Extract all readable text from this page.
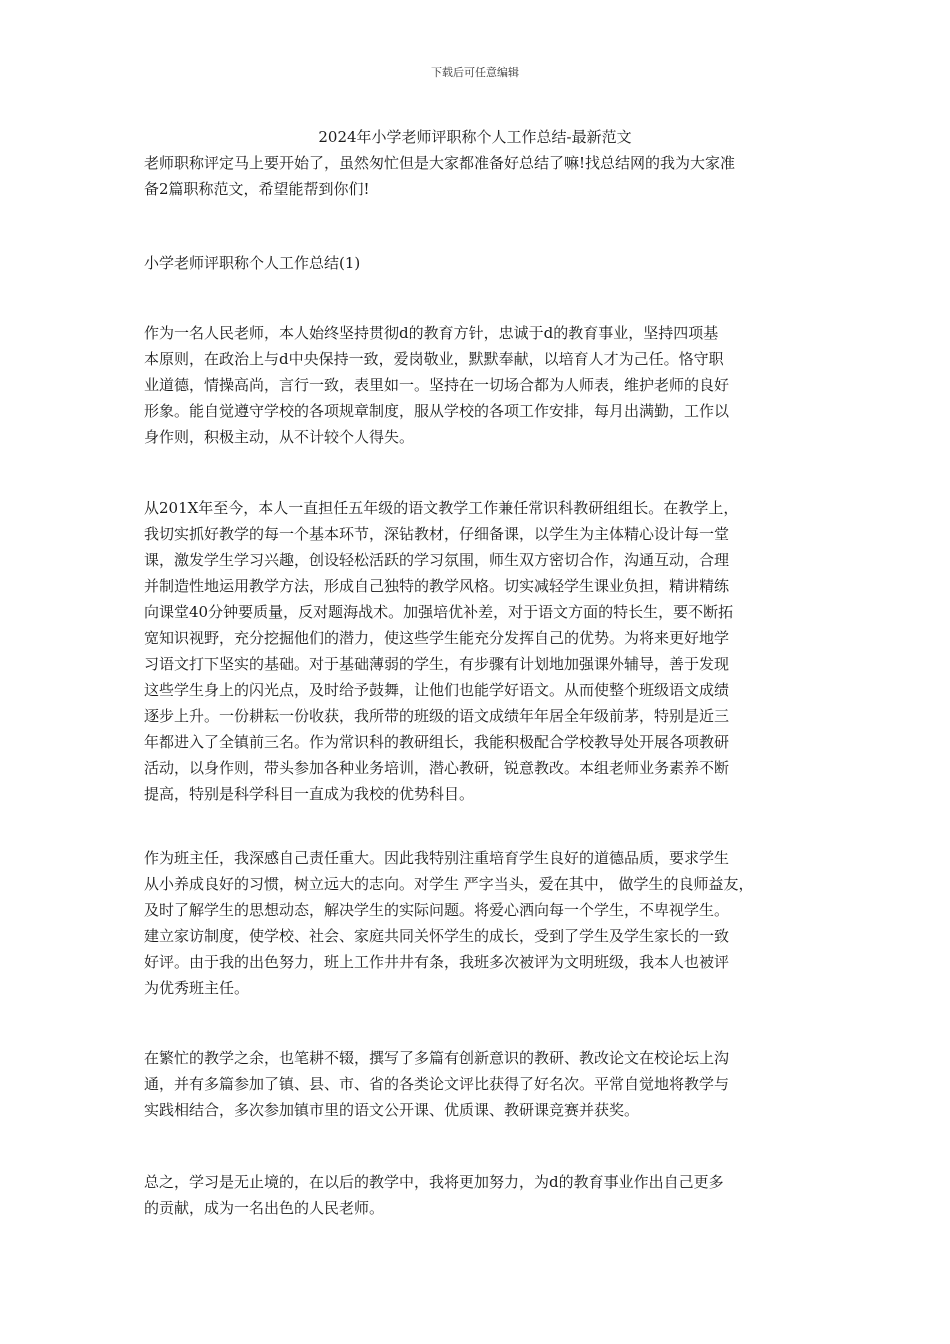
下载后可任意编辑
2024年小学老师评职称个人工作总结-最新范文
老师职称评定马上要开始了，虽然匆忙但是大家都准备好总结了嘛!找总结网的我为大家准
备2篇职称范文，希望能帮到你们!
小学老师评职称个人工作总结(1)
作为一名人民老师，本人始终坚持贯彻d的教育方针，忠诚于d的教育事业，坚持四项基
本原则，在政治上与d中央保持一致，爱岗敬业，默默奉献，以培育人才为己任。恪守职
业道德，情操高尚，言行一致，表里如一。坚持在一切场合都为人师表，维护老师的良好
形象。能自觉遵守学校的各项规章制度，服从学校的各项工作安排，每月出满勤，工作以
身作则，积极主动，从不计较个人得失。
从201X年至今，本人一直担任五年级的语文教学工作兼任常识科教研组组长。在教学上，
我切实抓好教学的每一个基本环节，深钻教材，仔细备课，以学生为主体精心设计每一堂
课，激发学生学习兴趣，创设轻松活跃的学习氛围，师生双方密切合作，沟通互动，合理
并制造性地运用教学方法，形成自己独特的教学风格。切实减轻学生课业负担，精讲精练
向课堂40分钟要质量，反对题海战术。加强培优补差，对于语文方面的特长生，要不断拓
宽知识视野，充分挖掘他们的潜力，使这些学生能充分发挥自己的优势。为将来更好地学
习语文打下坚实的基础。对于基础薄弱的学生，有步骤有计划地加强课外辅导，善于发现
这些学生身上的闪光点，及时给予鼓舞，让他们也能学好语文。从而使整个班级语文成绩
逐步上升。一份耕耘一份收获，我所带的班级的语文成绩年年居全年级前茅，特别是近三
年都进入了全镇前三名。作为常识科的教研组长，我能积极配合学校教导处开展各项教研
活动，以身作则，带头参加各种业务培训，潜心教研，锐意教改。本组老师业务素养不断
提高，特别是科学科目一直成为我校的优势科目。
作为班主任，我深感自己责任重大。因此我特别注重培育学生良好的道德品质，要求学生
从小养成良好的习惯，树立远大的志向。对学生 严字当头，爱在其中， 做学生的良师益友，
及时了解学生的思想动态，解决学生的实际问题。将爱心洒向每一个学生，不卑视学生。
建立家访制度，使学校、社会、家庭共同关怀学生的成长，受到了学生及学生家长的一致
好评。由于我的出色努力，班上工作井井有条，我班多次被评为文明班级，我本人也被评
为优秀班主任。
在繁忙的教学之余，也笔耕不辍，撰写了多篇有创新意识的教研、教改论文在校论坛上沟
通，并有多篇参加了镇、县、市、省的各类论文评比获得了好名次。平常自觉地将教学与
实践相结合，多次参加镇市里的语文公开课、优质课、教研课竞赛并获奖。
总之，学习是无止境的，在以后的教学中，我将更加努力，为d的教育事业作出自己更多
的贡献，成为一名出色的人民老师。
